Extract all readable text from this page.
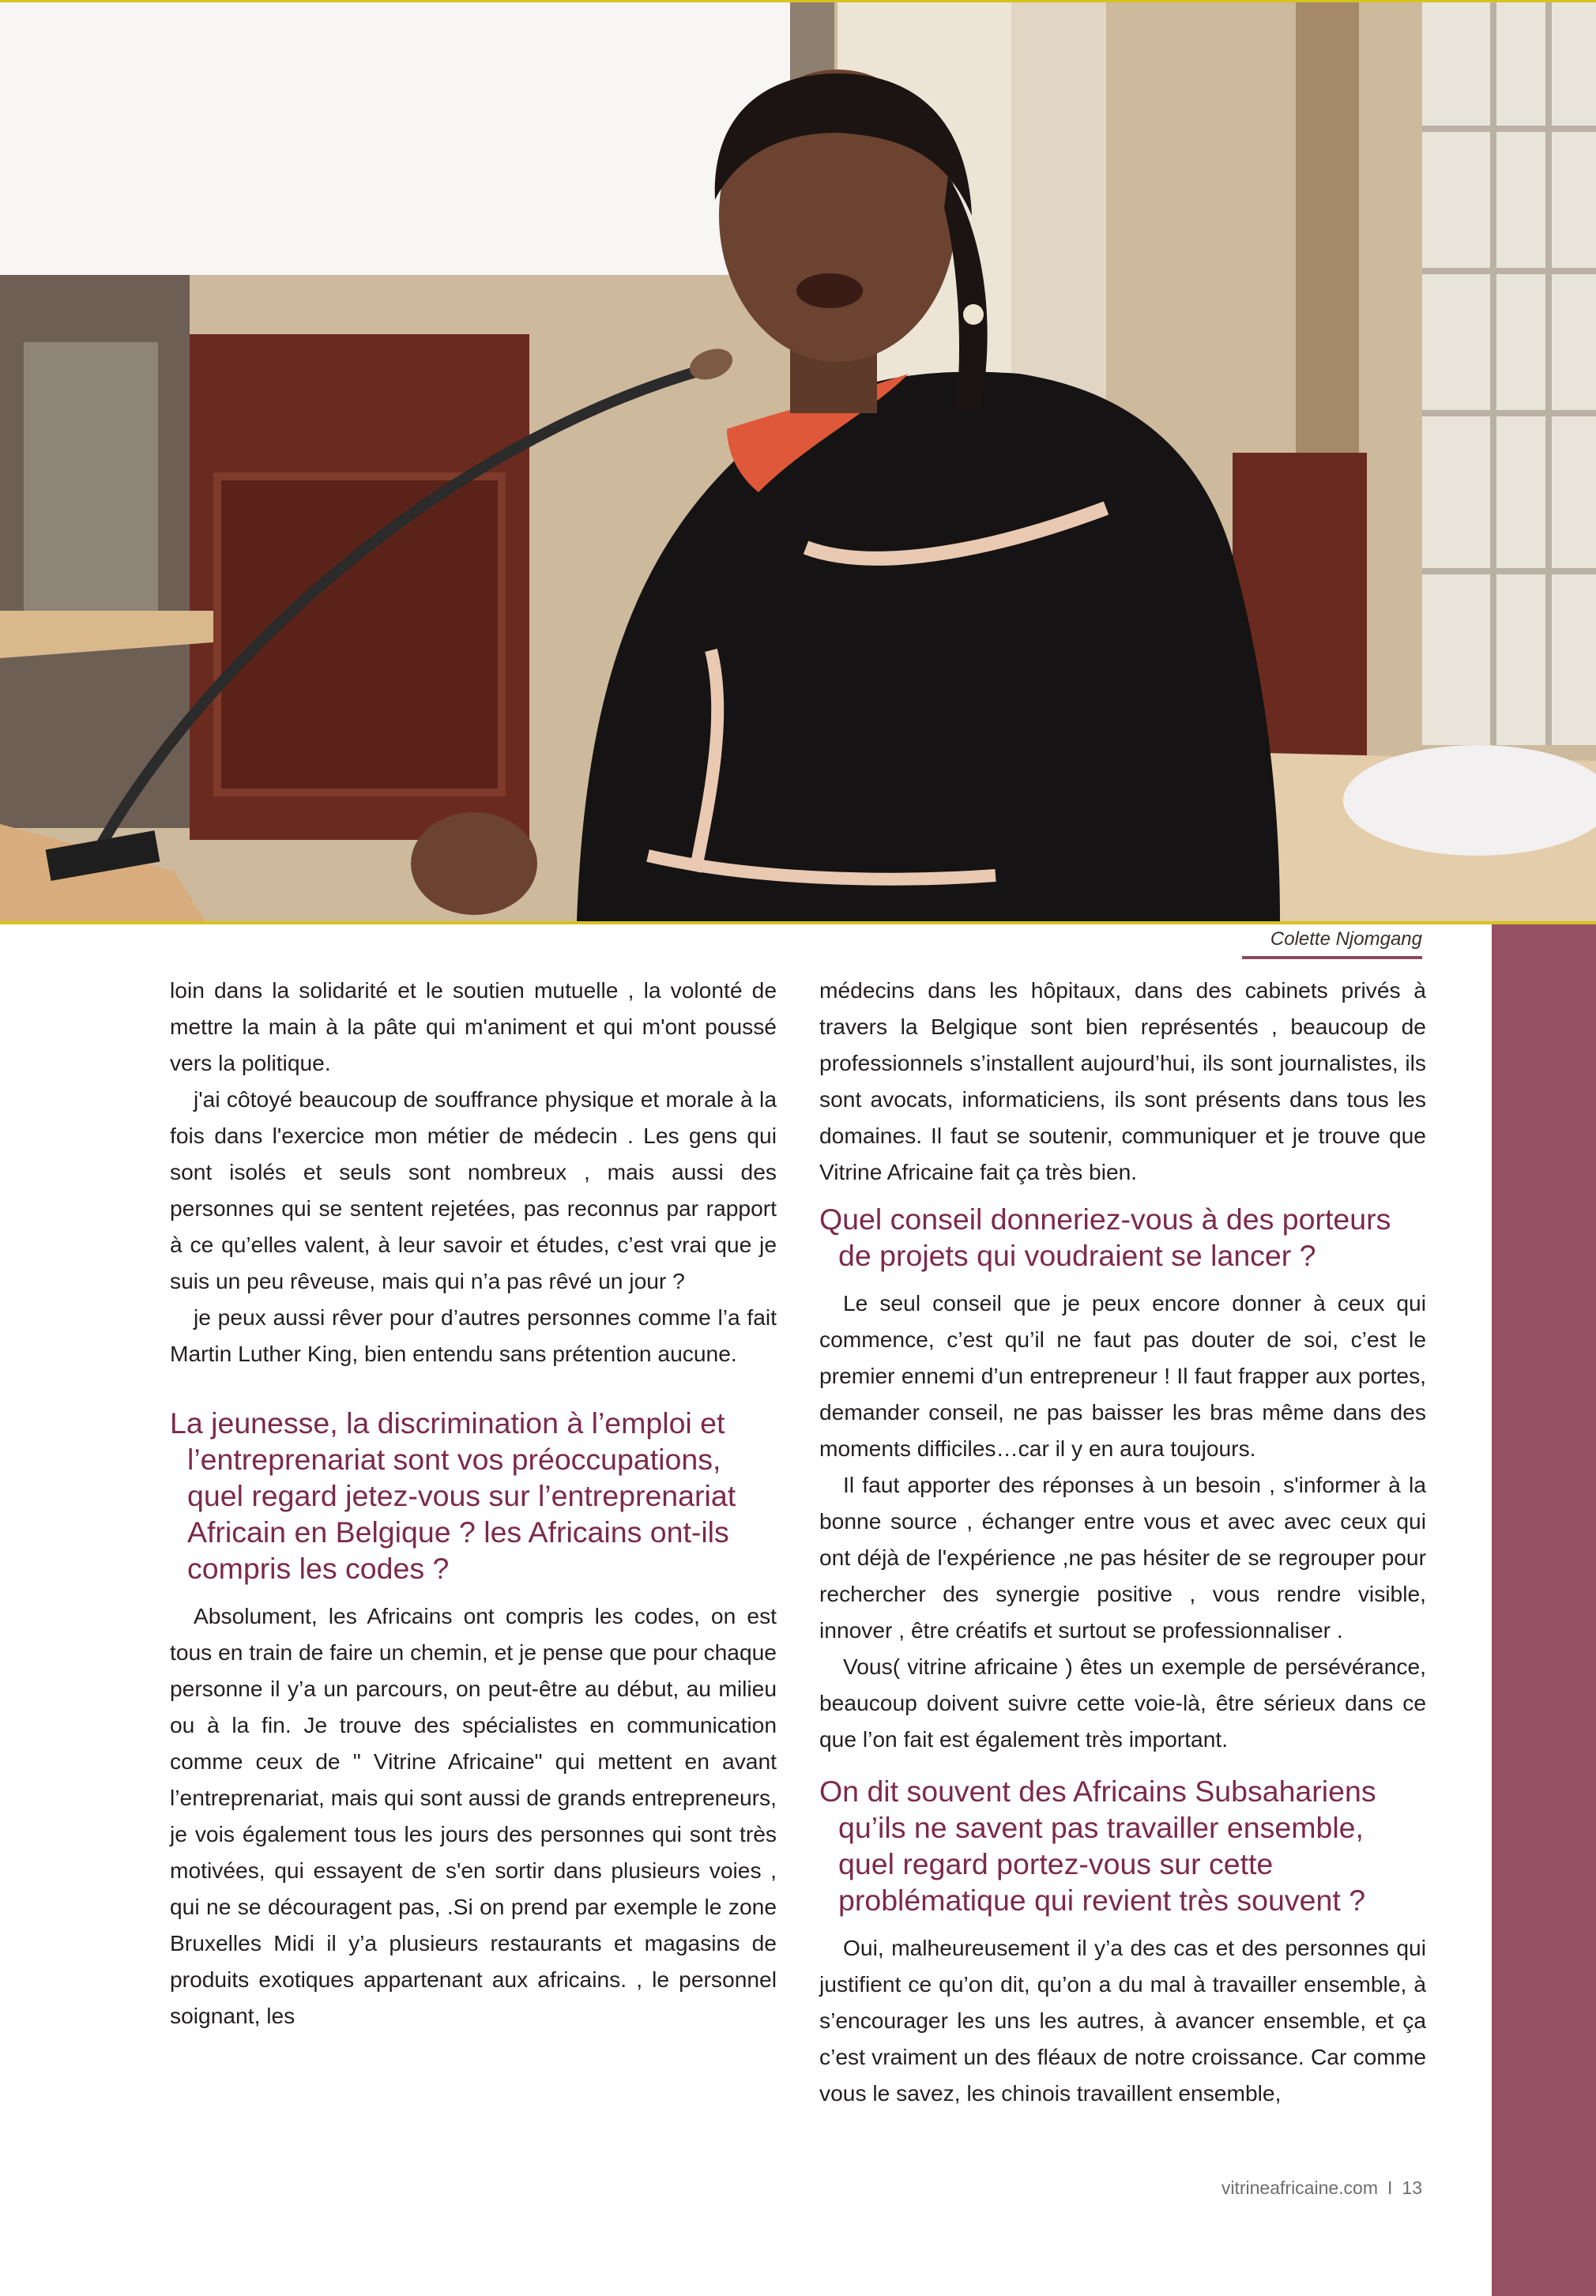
Colette Njomgang

loin dans la solidarité et le soutien mutuelle , la volonté de mettre la main à la pâte qui m'animent et qui m'ont poussé vers la politique.

j'ai côtoyé beaucoup de souffrance physique et morale à la fois dans l'exercice mon métier de médecin . Les gens qui sont isolés et seuls sont nombreux , mais aussi des personnes qui se sentent rejetées, pas reconnus par rapport à ce qu’elles valent, à leur savoir et études, c’est vrai que je suis un peu rêveuse, mais qui n’a pas rêvé un jour ?

je peux aussi rêver pour d’autres personnes comme l’a fait Martin Luther King, bien entendu sans prétention aucune.

La jeunesse, la discrimination à l’emploi et l’entreprenariat sont vos préoccupations, quel regard jetez-vous sur l’entreprenariat Africain en Belgique ? les Africains ont-ils compris les codes ?

Absolument, les Africains ont compris les codes, on est tous en train de faire un chemin, et je pense que pour chaque personne il y’a un parcours, on peut-être au début, au milieu ou à la fin. Je trouve des spécialistes en communication comme ceux de " Vitrine Africaine" qui mettent en avant l’entreprenariat, mais qui sont aussi de grands entrepreneurs, je vois également tous les jours des personnes qui sont très motivées, qui essayent de s'en sortir dans plusieurs voies , qui ne se découragent pas, .Si on prend par exemple le zone Bruxelles Midi il y’a plusieurs restaurants et magasins de produits exotiques appartenant aux africains. , le personnel soignant, les

médecins dans les hôpitaux, dans des cabinets privés à travers la Belgique sont bien représentés , beaucoup de professionnels s’installent aujourd’hui, ils sont journalistes, ils sont avocats, informaticiens, ils sont présents dans tous les domaines. Il faut se soutenir, communiquer et je trouve que Vitrine Africaine fait ça très bien.

Quel conseil donneriez-vous à des porteurs de projets qui voudraient se lancer ?

Le seul conseil que je peux encore donner à ceux qui commence, c’est qu’il ne faut pas douter de soi, c’est le premier ennemi d’un entrepreneur ! Il faut frapper aux portes, demander conseil, ne pas baisser les bras même dans des moments difficiles…car il y en aura toujours.

Il faut apporter des réponses à un besoin , s'informer à la bonne source , échanger entre vous et avec avec ceux qui ont déjà de l'expérience ,ne pas hésiter de se regrouper pour rechercher des synergie positive , vous rendre visible, innover , être créatifs et surtout se professionnaliser .

Vous( vitrine africaine ) êtes un exemple de persévérance, beaucoup doivent suivre cette voie-là, être sérieux dans ce que l’on fait est également très important.

On dit souvent des Africains Subsahariens qu’ils ne savent pas travailler ensemble, quel regard portez-vous sur cette problématique qui revient très souvent ?

Oui, malheureusement il y’a des cas et des personnes qui justifient ce qu’on dit, qu’on a du mal à travailler ensemble, à s’encourager les uns les autres, à avancer ensemble, et ça c’est vraiment un des fléaux de notre croissance. Car comme vous le savez, les chinois travaillent ensemble,

vitrineafricaine.com I 13
